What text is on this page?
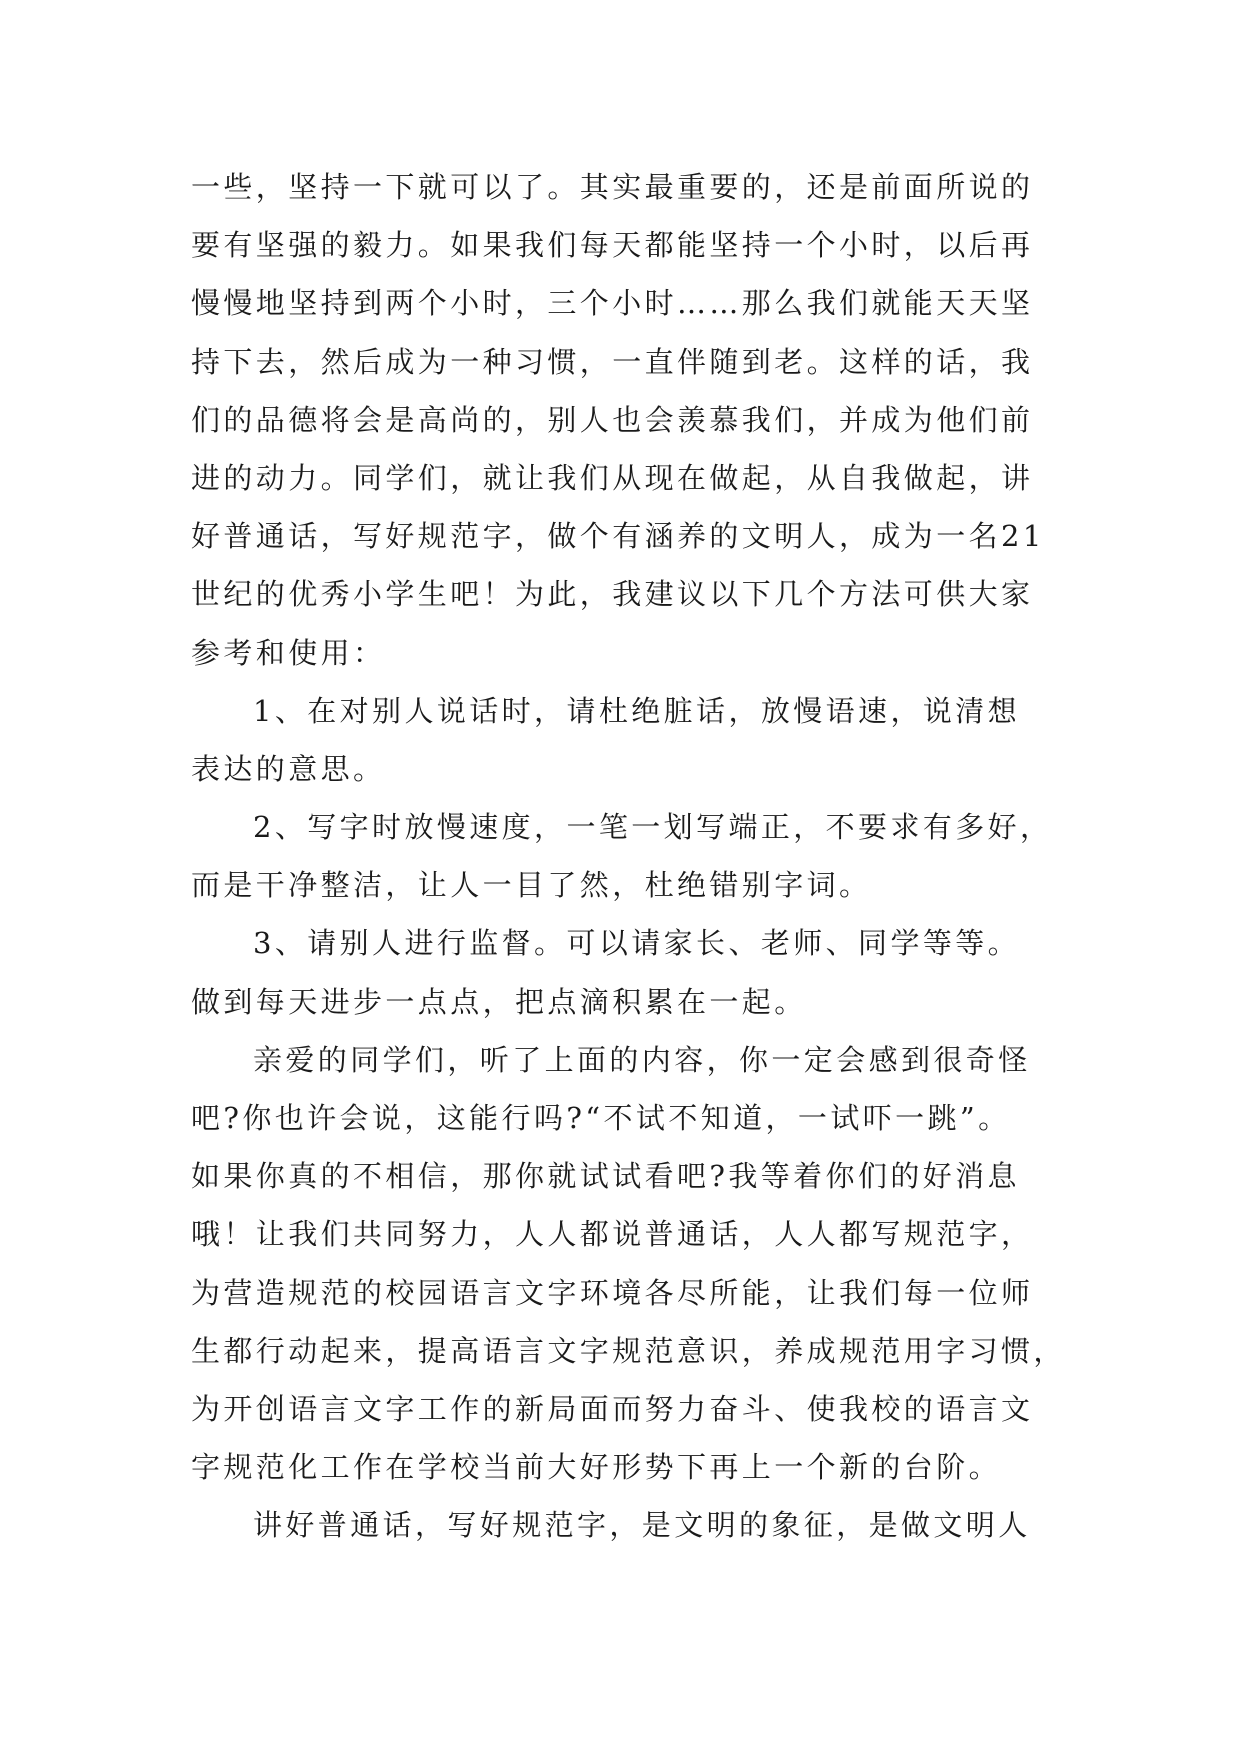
一些，坚持一下就可以了。其实最重要的，还是前面所说的
要有坚强的毅力。如果我们每天都能坚持一个小时，以后再
慢慢地坚持到两个小时，三个小时……那么我们就能天天坚
持下去，然后成为一种习惯，一直伴随到老。这样的话，我
们的品德将会是高尚的，别人也会羡慕我们，并成为他们前
进的动力。同学们，就让我们从现在做起，从自我做起，讲
好普通话，写好规范字，做个有涵养的文明人，成为一名21
世纪的优秀小学生吧！为此，我建议以下几个方法可供大家
参考和使用：
1、在对别人说话时，请杜绝脏话，放慢语速，说清想
表达的意思。
2、写字时放慢速度，一笔一划写端正，不要求有多好，
而是干净整洁，让人一目了然，杜绝错别字词。
3、请别人进行监督。可以请家长、老师、同学等等。
做到每天进步一点点，把点滴积累在一起。
亲爱的同学们，听了上面的内容，你一定会感到很奇怪
吧?你也许会说，这能行吗?“不试不知道，一试吓一跳”。
如果你真的不相信，那你就试试看吧?我等着你们的好消息
哦！让我们共同努力，人人都说普通话，人人都写规范字，
为营造规范的校园语言文字环境各尽所能，让我们每一位师
生都行动起来，提高语言文字规范意识，养成规范用字习惯，
为开创语言文字工作的新局面而努力奋斗、使我校的语言文
字规范化工作在学校当前大好形势下再上一个新的台阶。
讲好普通话，写好规范字，是文明的象征，是做文明人
